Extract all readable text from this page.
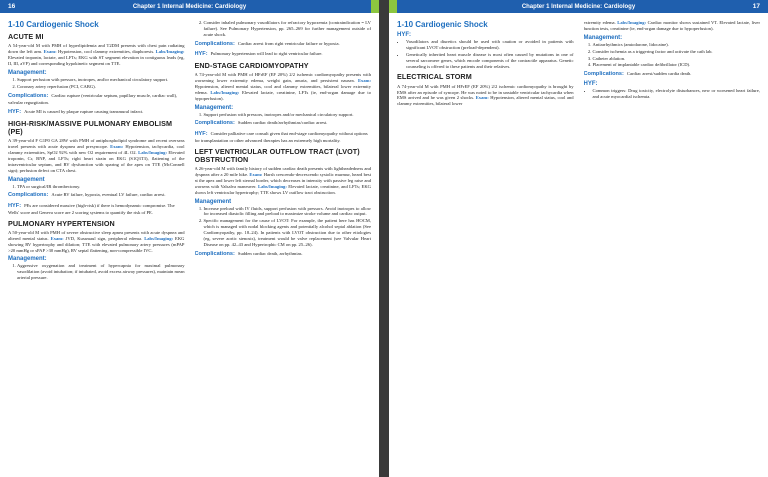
16	Chapter 1 Internal Medicine: Cardiology
1-10 Cardiogenic Shock
ACUTE MI
A 54-year-old M with PMH of hyperlipidemia and T2DM presents with chest pain radiating down the left arm. Exam: Hypotension, cool clammy extremities, diaphoresis. Labs/Imaging: Elevated troponin, lactate, and LFTs; EKG with ST segment elevation in contiguous leads (eg, II, III, aVF) and corresponding hypokinetic segment on TTE.
Management:
1. Support perfusion with pressors, inotropes, and/or mechanical circulatory support.
2. Coronary artery reperfusion (PCI, CABG).
Complications: Cardiac rupture (ventricular septum, papillary muscle, cardiac wall), valvular regurgitation.
HYF: Acute MI is caused by plaque rupture causing transmural infarct.
HIGH-RISK/MASSIVE PULMONARY EMBOLISM (PE)
A 39-year-old F G1P0 GA 28W with PMH of antiphospholipid syndrome and recent overseas travel presents with acute dyspnea and presyncope. Exam: Hypotension, tachycardia, cool clammy extremities, SpO2 92% with new O2 requirement of 4L O2. Labs/Imaging: Elevated troponin, Cr, BNP, and LFTs; right heart strain on EKG (S1Q3T3), flattening of the intraventricular septum, and RV dysfunction with sparing of the apex on TTE (McConnell sign); perfusion defect on CTA chest.
Management
1. TPA or surgical/IR thrombectomy.
Complications: Acute RV failure, hypoxia, eventual LV failure, cardiac arrest.
HYF: PEs are considered massive (high-risk) if there is hemodynamic compromise. The Wells' score and Geneva score are 2 scoring systems to quantify the risk of PE.
PULMONARY HYPERTENSION
A 50-year-old M with PMH of severe obstructive sleep apnea presents with acute dyspnea and altered mental status. Exam: JVD, Kussmaul sign, peripheral edema. Labs/Imaging: EKG showing RV hypertrophy and dilation; TTE with elevated pulmonary artery pressures (mPAP >20 mmHg or sPAP >30 mmHg), RV septal flattening, non-compressible IVC.
Management:
1. Aggressive oxygenation and treatment of hypercapnia for maximal pulmonary vasodilation (avoid intubation; if intubated, avoid excess airway pressures), maintain mean arterial pressure.
2. Consider inhaled pulmonary vasodilators for refractory hypoxemia (contraindication = LV failure). See Pulmonary Hypertension, pp. 265–269 for further management outside of acute shock.
Complications: Cardiac arrest from right ventricular failure or hypoxia.
HYF: Pulmonary hypertension will lead to right ventricular failure.
END-STAGE CARDIOMYOPATHY
A 74-year-old M with PMH of HFrEF (EF 20%) 2/2 ischemic cardiomyopathy presents with worsening lower extremity edema, weight gain, anuria, and persistent nausea. Exam: Hypotension, altered mental status, cool and clammy extremities, bilateral lower extremity edema. Labs/Imaging: Elevated lactate, creatinine, LFTs (ie, end-organ damage due to hypoperfusion).
Management:
1. Support perfusion with pressors, inotropes and/or mechanical circulatory support.
Complications: Sudden cardiac death/arrhythmias/cardiac arrest.
HYF: Consider palliative care consult given that end-stage cardiomyopathy without options for transplantation or other advanced therapies has an extremely high mortality.
LEFT VENTRICULAR OUTFLOW TRACT (LVOT) OBSTRUCTION
A 26-year-old M with family history of sudden cardiac death presents with lightheadedness and dyspnea after a 20 mile hike. Exam: Harsh crescendo-decrescendo systolic murmur, heard best at the apex and lower left sternal border, which decreases in intensity with passive leg raise and worsens with Valsalva maneuver. Labs/Imaging: Elevated lactate, creatinine, and LFTs; EKG shows left ventricular hypertrophy; TTE shows LV outflow tract obstruction.
Management
1. Increase preload with IV fluids, support perfusion with pressors. Avoid inotropes to allow for increased diastolic filling and preload to maximize stroke volume and cardiac output.
2. Specific management for the cause of LVOT: For example, the patient here has HOCM, which is managed with nodal blocking agents and potentially alcohol septal ablation (See Cardiomyopathy, pp. 18–24). In patients with LVOT obstruction due to other etiologies (eg, severe aortic stenosis), treatment would be valve replacement (see Valvular Heart Disease on pp. 42–43 and Hypertrophic CM on pp. 25–26).
Complications: Sudden cardiac death, arrhythmias.
Chapter 1 Internal Medicine: Cardiology	17
1-10 Cardiogenic Shock
HYF:
• Vasodilators and diuretics should be used with caution or avoided in patients with significant LVOT obstruction (preload-dependent).
• Genetically inherited heart muscle disease is most often caused by mutations in one of several sarcomere genes, which encode components of the contractile apparatus. Genetic counseling is offered to these patients and their relatives.
ELECTRICAL STORM
A 74-year-old M with PMH of HFrEF (EF 20%) 2/2 ischemic cardiomyopathy is brought by EMS after an episode of syncope. He was noted to be in unstable ventricular tachycardia when EMS arrived and he was given 2 shocks. Exam: Hypotension, altered mental status, cool and clammy extremities, bilateral lower
extremity edema. Labs/Imaging: Cardiac monitor shows sustained VT. Elevated lactate, liver function tests, creatinine (ie, end-organ damage due to hypoperfusion).
Management:
1. Antiarrhythmics (amiodarone, lidocaine).
2. Consider ischemia as a triggering factor and activate the cath lab.
3. Catheter ablation.
4. Placement of implantable cardiac defibrillator (ICD).
Complications: Cardiac arrest/sudden cardia death.
HYF:
• Common triggers: Drug toxicity, electrolyte disturbances, new or worsened heart failure, and acute myocardial ischemia.
